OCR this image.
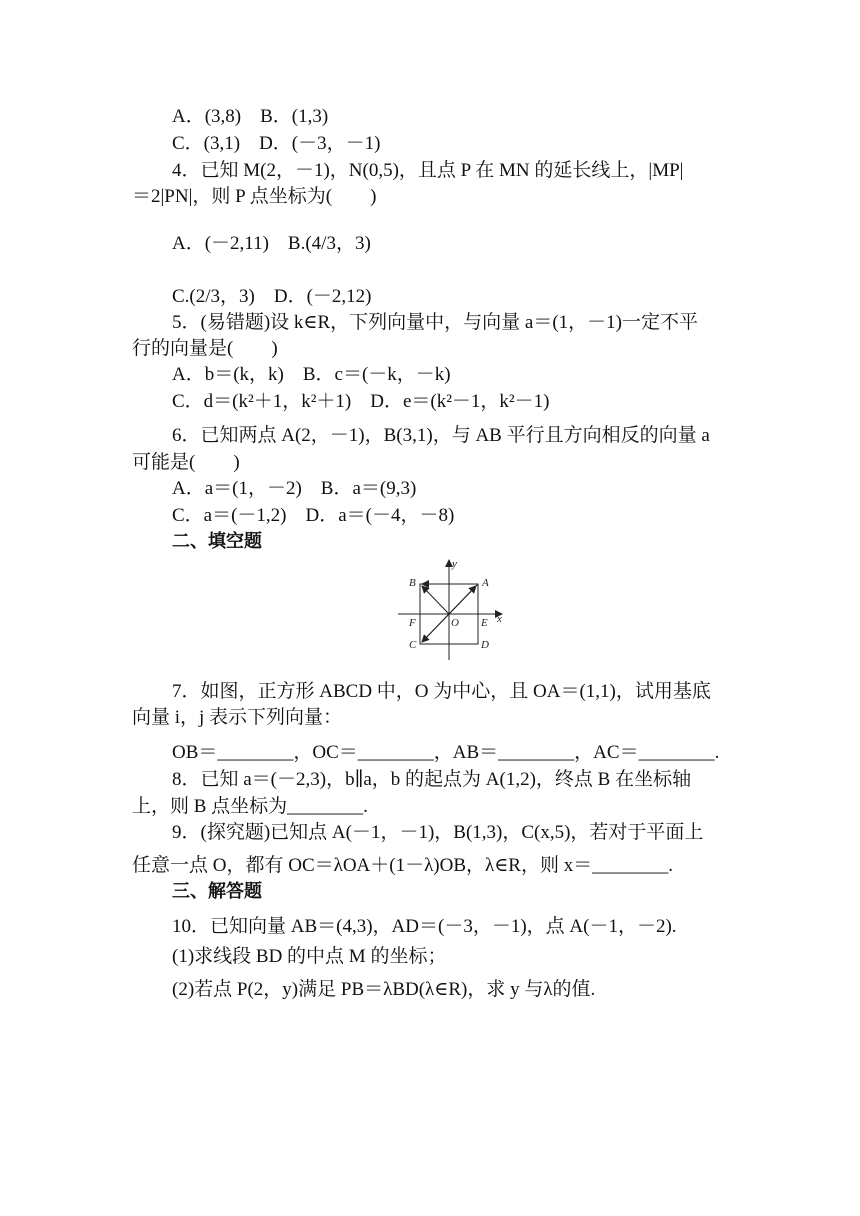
A．(3,8)　B．(1,3)
C．(3,1)　D．(－3，－1)
4．已知 M(2，－1)，N(0,5)，且点 P 在 MN 的延长线上，|MP|
＝2|PN|，则 P 点坐标为(　　)
A．(－2,11)　B.(4/3，3)
C.(2/3，3)　D．(－2,12)
5．(易错题)设 k∈R，下列向量中，与向量 a＝(1，－1)一定不平
行的向量是(　　)
A．b＝(k，k)　B．c＝(－k，－k)
C．d＝(k²＋1，k²＋1)　D．e＝(k²－1，k²－1)
6．已知两点 A(2，－1)，B(3,1)，与 AB 平行且方向相反的向量 a
可能是(　　)
A．a＝(1，－2)　B．a＝(9,3)
C．a＝(－1,2)　D．a＝(－4，－8)
二、填空题
y
x
A
B
C	D
O E
F
7．如图，正方形 ABCD 中，O 为中心，且 OA＝(1,1)，试用基底
向量 i，j 表示下列向量：
OB＝________，OC＝________，AB＝________，AC＝________.
8．已知 a＝(－2,3)，b∥a，b 的起点为 A(1,2)，终点 B 在坐标轴
上，则 B 点坐标为________.
9．(探究题)已知点 A(－1，－1)，B(1,3)，C(x,5)，若对于平面上
任意一点 O，都有 OC＝λOA＋(1－λ)OB，λ∈R，则 x＝________.
三、解答题
10．已知向量 AB＝(4,3)，AD＝(－3，－1)，点 A(－1，－2).
(1)求线段 BD 的中点 M 的坐标；
(2)若点 P(2，y)满足 PB＝λBD(λ∈R)，求 y 与λ的值.
